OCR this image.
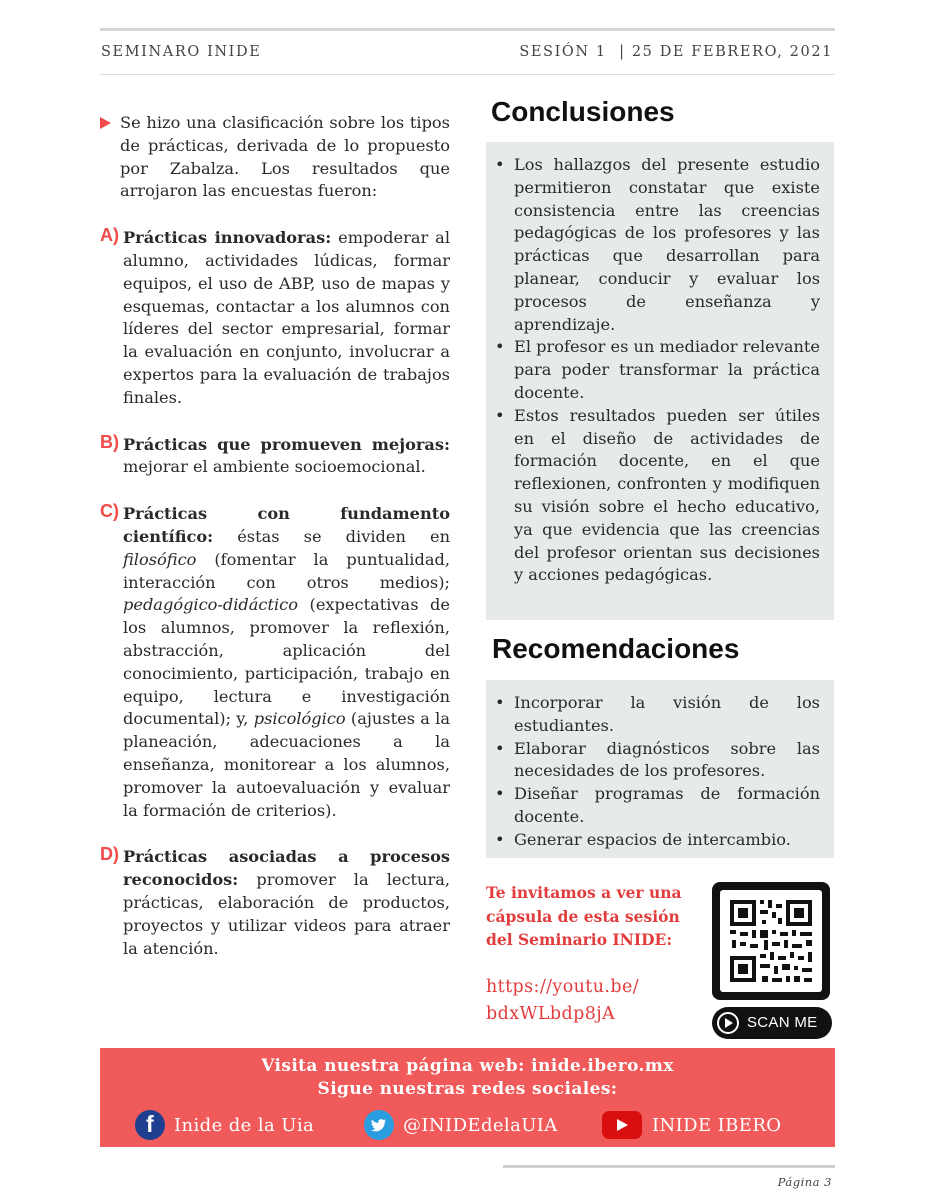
SEMINARO INIDE	SESIÓN 1  | 25 DE FEBRERO, 2021

Se hizo una clasificación sobre los tipos de prácticas, derivada de lo propuesto por Zabalza. Los resultados que arrojaron las encuestas fueron:

A) Prácticas innovadoras: empoderar al alumno, actividades lúdicas, formar equipos, el uso de ABP, uso de mapas y esquemas, contactar a los alumnos con líderes del sector empresarial, formar la evaluación en conjunto, involucrar a expertos para la evaluación de trabajos finales.

B) Prácticas que promueven mejoras: mejorar el ambiente socioemocional.

C) Prácticas con fundamento científico: éstas se dividen en filosófico (fomentar la puntualidad, interacción con otros medios); pedagógico-didáctico (expectativas de los alumnos, promover la reflexión, abstracción, aplicación del conocimiento, participación, trabajo en equipo, lectura e investigación documental); y, psicológico (ajustes a la planeación, adecuaciones a la enseñanza, monitorear a los alumnos, promover la autoevaluación y evaluar la formación de criterios).

D) Prácticas asociadas a procesos reconocidos: promover la lectura, prácticas, elaboración de productos, proyectos y utilizar videos para atraer la atención.

Conclusiones
• Los hallazgos del presente estudio permitieron constatar que existe consistencia entre las creencias pedagógicas de los profesores y las prácticas que desarrollan para planear, conducir y evaluar los procesos de enseñanza y aprendizaje.
• El profesor es un mediador relevante para poder transformar la práctica docente.
• Estos resultados pueden ser útiles en el diseño de actividades de formación docente, en el que reflexionen, confronten y modifiquen su visión sobre el hecho educativo, ya que evidencia que las creencias del profesor orientan sus decisiones y acciones pedagógicas.
Recomendaciones
• Incorporar la visión de los estudiantes.
• Elaborar diagnósticos sobre las necesidades de los profesores.
• Diseñar programas de formación docente.
• Generar espacios de intercambio.
Te invitamos a ver una cápsula de esta sesión del Seminario INIDE:
https://youtu.be/
bdxWLbdp8jA	SCAN ME
Visita nuestra página web: inide.ibero.mx
Sigue nuestras redes sociales:
f	Inide de la Uia	@INIDEdelaUIA	INIDE IBERO
Página 3
